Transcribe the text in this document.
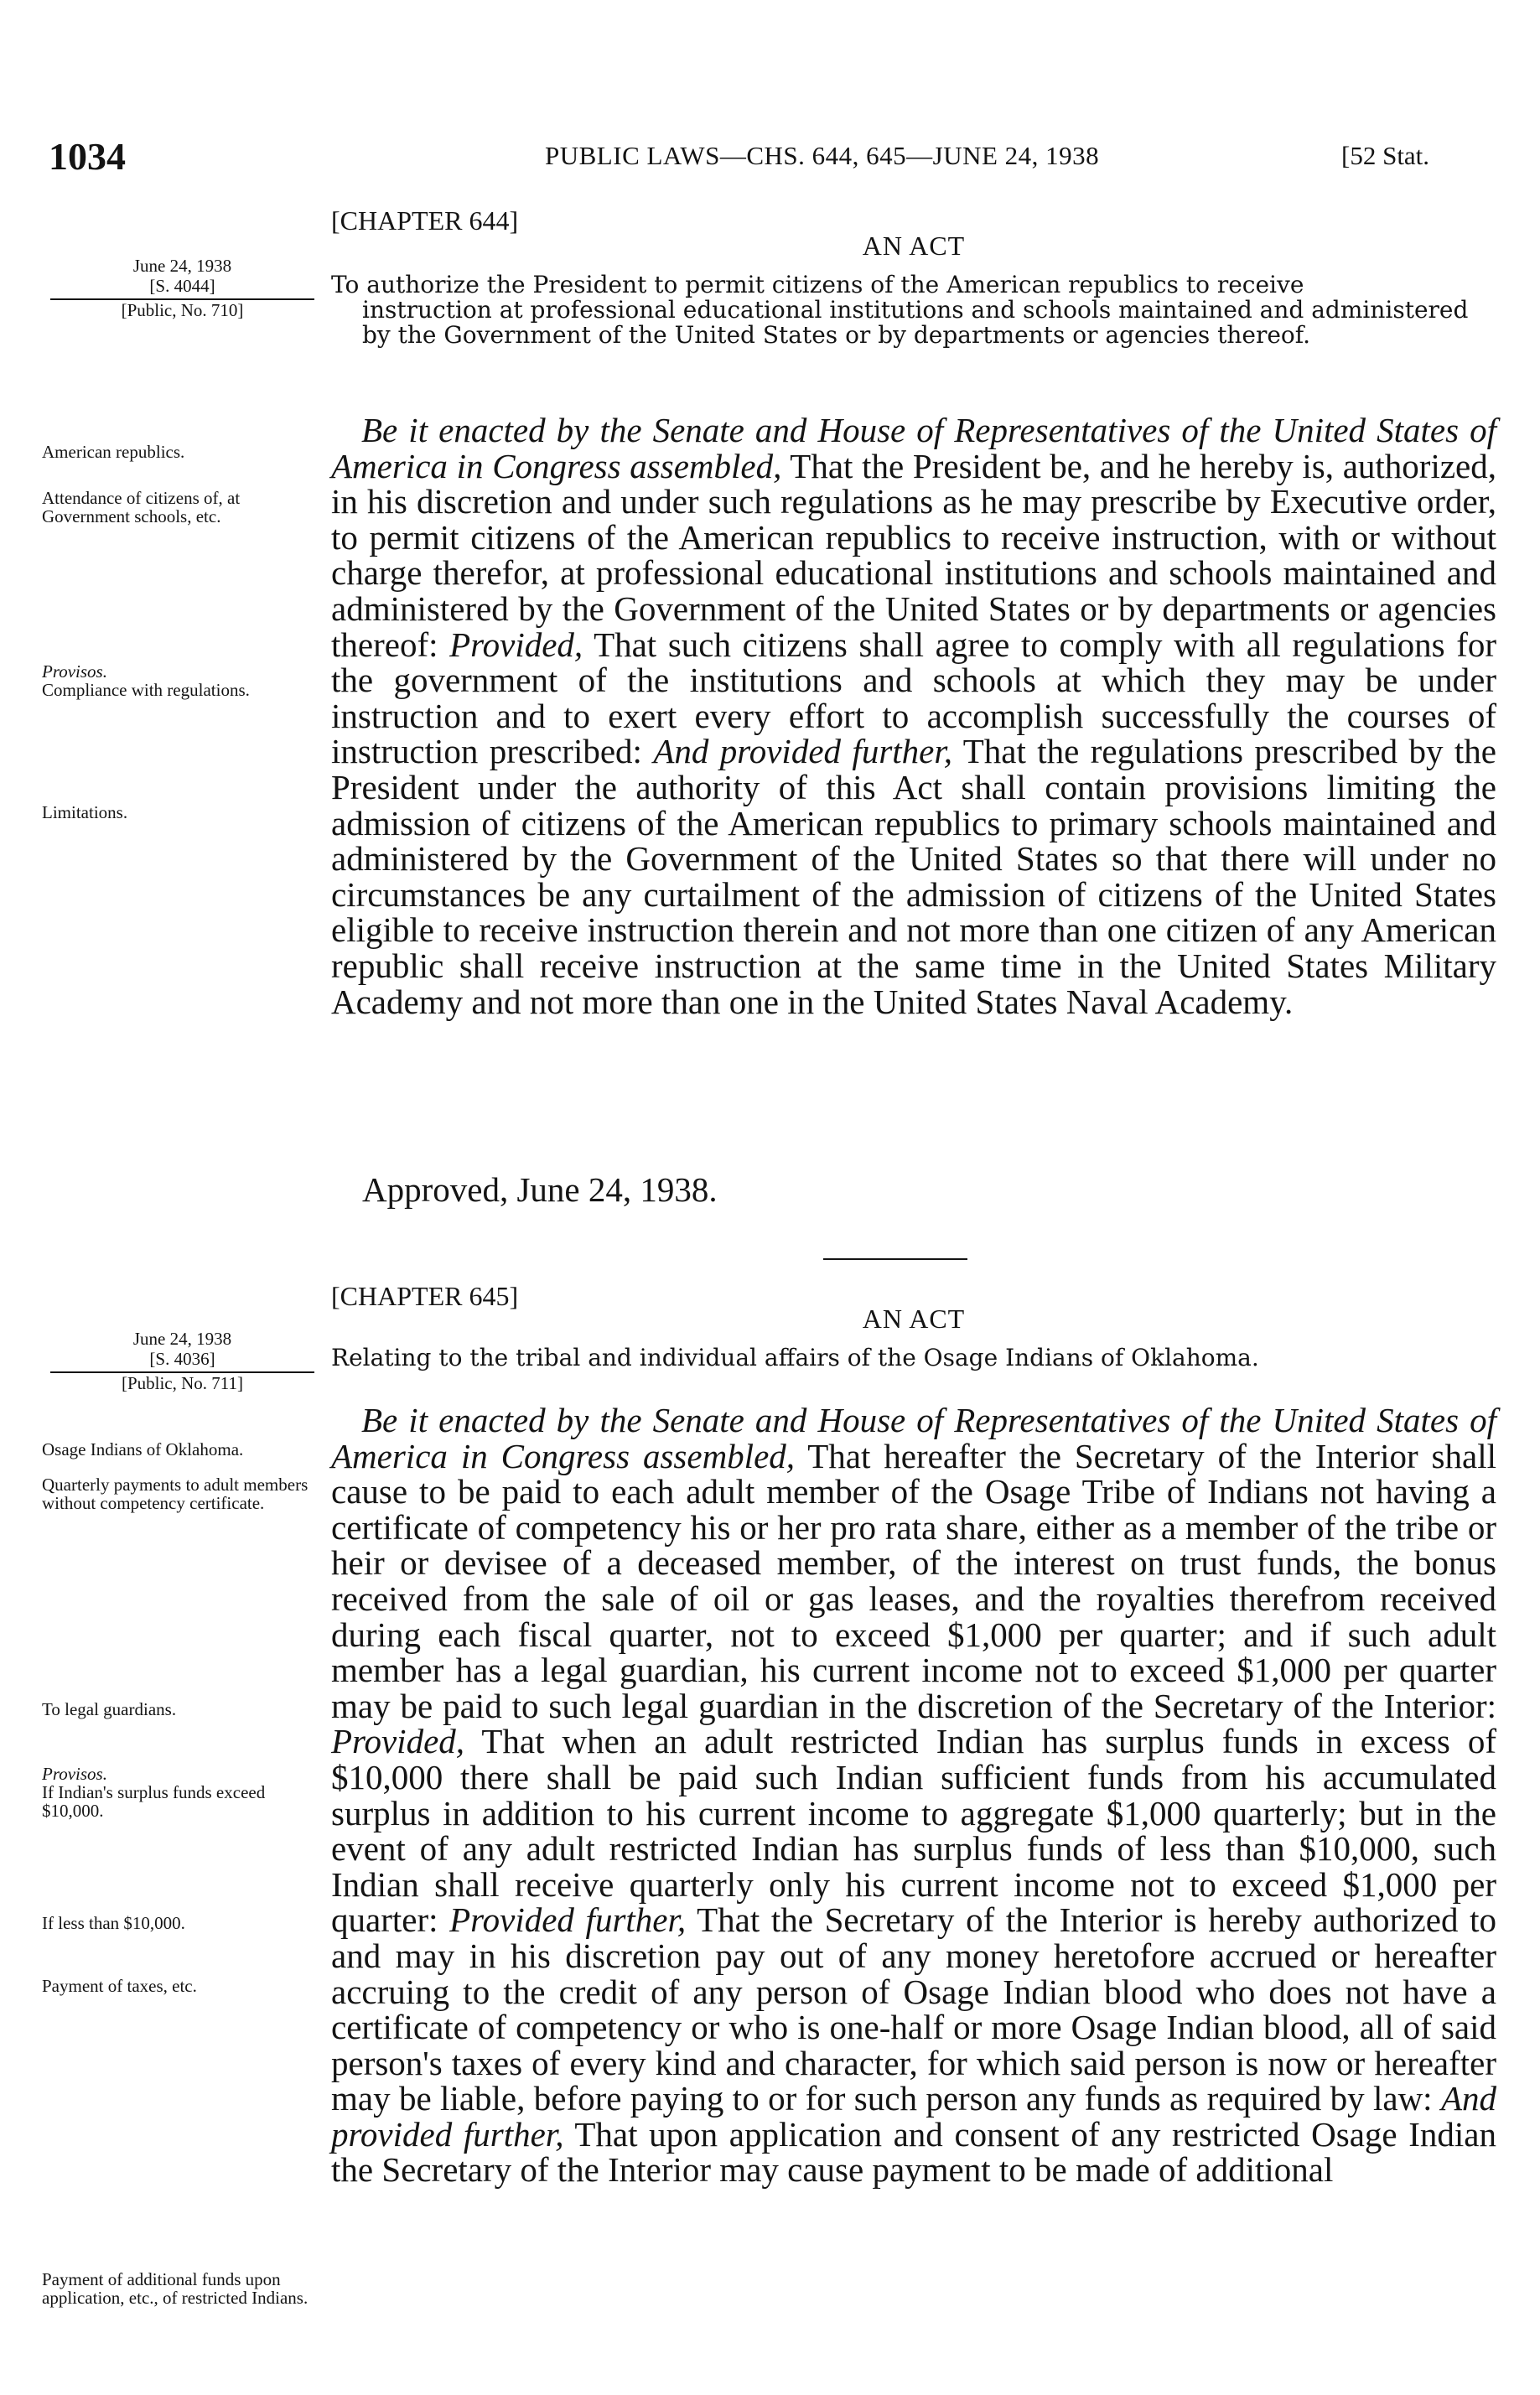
1034	PUBLIC LAWS—CHS. 644, 645—JUNE 24, 1938	[52 Stat.
[CHAPTER 644]
AN ACT
June 24, 1938
[S. 4044]
[Public, No. 710]
To authorize the President to permit citizens of the American republics to receive
instruction at professional educational institutions and schools maintained and administered by the Government of the United States or by departments or agencies thereof.
American republics.
Attendance of citizens of, at Government schools, etc.
Provisos.
Compliance with regulations.
Limitations.

Be it enacted by the Senate and House of Representatives of the United States of America in Congress assembled, That the President be, and he hereby is, authorized, in his discretion and under such regulations as he may prescribe by Executive order, to permit citizens of the American republics to receive instruction, with or without charge therefor, at professional educational institutions and schools maintained and administered by the Government of the United States or by departments or agencies thereof: Provided, That such citizens shall agree to comply with all regulations for the government of the institutions and schools at which they may be under instruction and to exert every effort to accomplish successfully the courses of instruction prescribed: And provided further, That the regulations prescribed by the President under the authority of this Act shall contain provisions limiting the admission of citizens of the American republics to primary schools maintained and administered by the Government of the United States so that there will under no circumstances be any curtailment of the admission of citizens of the United States eligible to receive instruction therein and not more than one citizen of any American republic shall receive instruction at the same time in the United States Military Academy and not more than one in the United States Naval Academy.

Approved, June 24, 1938.
[CHAPTER 645]
AN ACT
June 24, 1938
[S. 4036]
[Public, No. 711]
Relating to the tribal and individual affairs of the Osage Indians of Oklahoma.
Osage Indians of Oklahoma.
Quarterly payments to adult members without competency certificate.
To legal guardians.
Provisos.
If Indian's surplus funds exceed $10,000.
If less than $10,000.
Payment of taxes, etc.
Payment of additional funds upon application, etc., of restricted Indians.

Be it enacted by the Senate and House of Representatives of the United States of America in Congress assembled, That hereafter the Secretary of the Interior shall cause to be paid to each adult member of the Osage Tribe of Indians not having a certificate of competency his or her pro rata share, either as a member of the tribe or heir or devisee of a deceased member, of the interest on trust funds, the bonus received from the sale of oil or gas leases, and the royalties therefrom received during each fiscal quarter, not to exceed $1,000 per quarter; and if such adult member has a legal guardian, his current income not to exceed $1,000 per quarter may be paid to such legal guardian in the discretion of the Secretary of the Interior: Provided, That when an adult restricted Indian has surplus funds in excess of $10,000 there shall be paid such Indian sufficient funds from his accumulated surplus in addition to his current income to aggregate $1,000 quarterly; but in the event of any adult restricted Indian has surplus funds of less than $10,000, such Indian shall receive quarterly only his current income not to exceed $1,000 per quarter: Provided further, That the Secretary of the Interior is hereby authorized to and may in his discretion pay out of any money heretofore accrued or hereafter accruing to the credit of any person of Osage Indian blood who does not have a certificate of competency or who is one-half or more Osage Indian blood, all of said person's taxes of every kind and character, for which said person is now or hereafter may be liable, before paying to or for such person any funds as required by law: And provided further, That upon application and consent of any restricted Osage Indian the Secretary of the Interior may cause payment to be made of additional
